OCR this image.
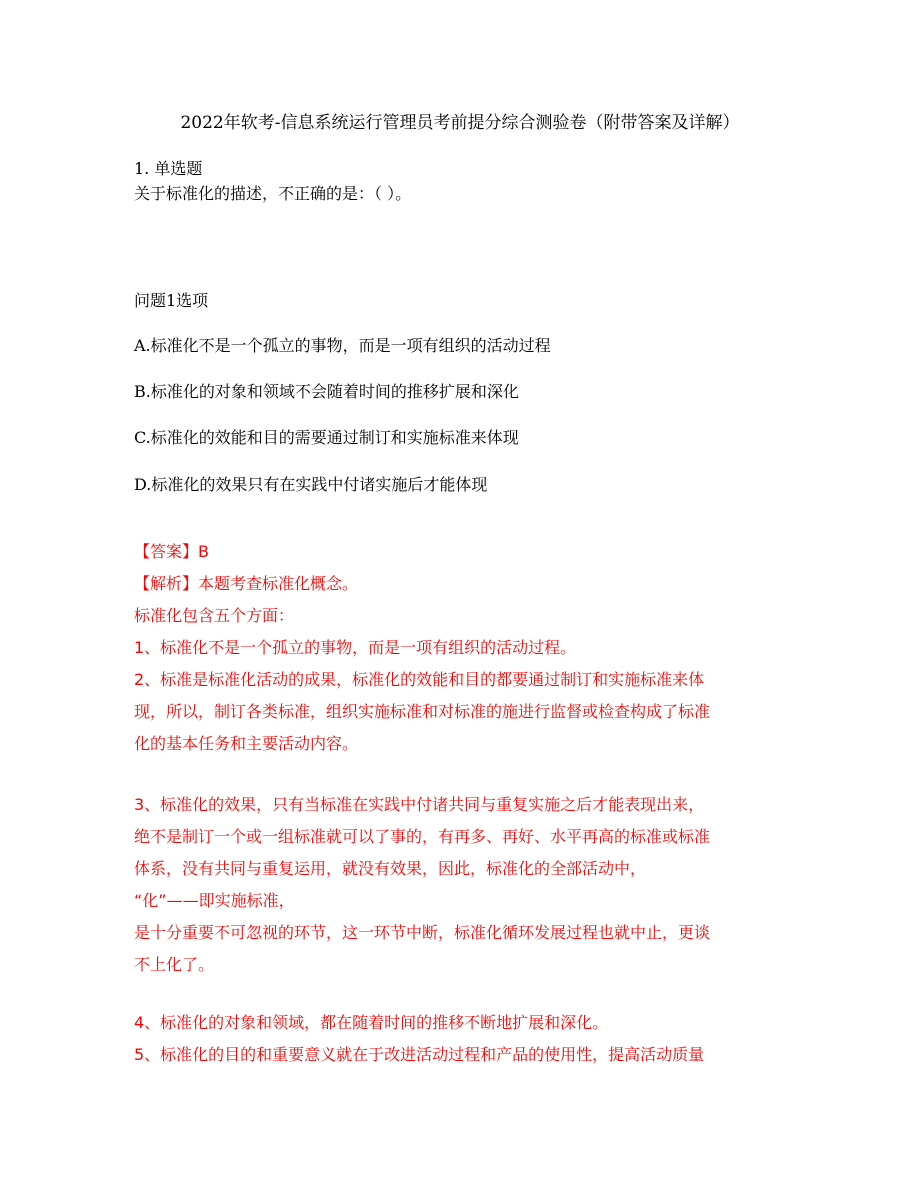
2022年软考-信息系统运行管理员考前提分综合测验卷（附带答案及详解）
1. 单选题
关于标准化的描述，不正确的是：（ ）。
问题1选项
A.标准化不是一个孤立的事物，而是一项有组织的活动过程
B.标准化的对象和领域不会随着时间的推移扩展和深化
C.标准化的效能和目的需要通过制订和实施标准来体现
D.标准化的效果只有在实践中付诸实施后才能体现
【答案】B
【解析】本题考查标准化概念。
标准化包含五个方面：
1、标准化不是一个孤立的事物，而是一项有组织的活动过程。
2、标准是标准化活动的成果，标准化的效能和目的都要通过制订和实施标准来体
现，所以，制订各类标准，组织实施标准和对标准的施进行监督或检查构成了标准
化的基本任务和主要活动内容。
3、标准化的效果，只有当标准在实践中付诸共同与重复实施之后才能表现出来，
绝不是制订一个或一组标准就可以了事的，有再多、再好、水平再高的标准或标准
体系，没有共同与重复运用，就没有效果，因此，标准化的全部活动中，
“化”——即实施标准，
是十分重要不可忽视的环节，这一环节中断，标准化循环发展过程也就中止，更谈
不上化了。
4、标准化的对象和领域，都在随着时间的推移不断地扩展和深化。
5、标准化的目的和重要意义就在于改进活动过程和产品的使用性，提高活动质量
